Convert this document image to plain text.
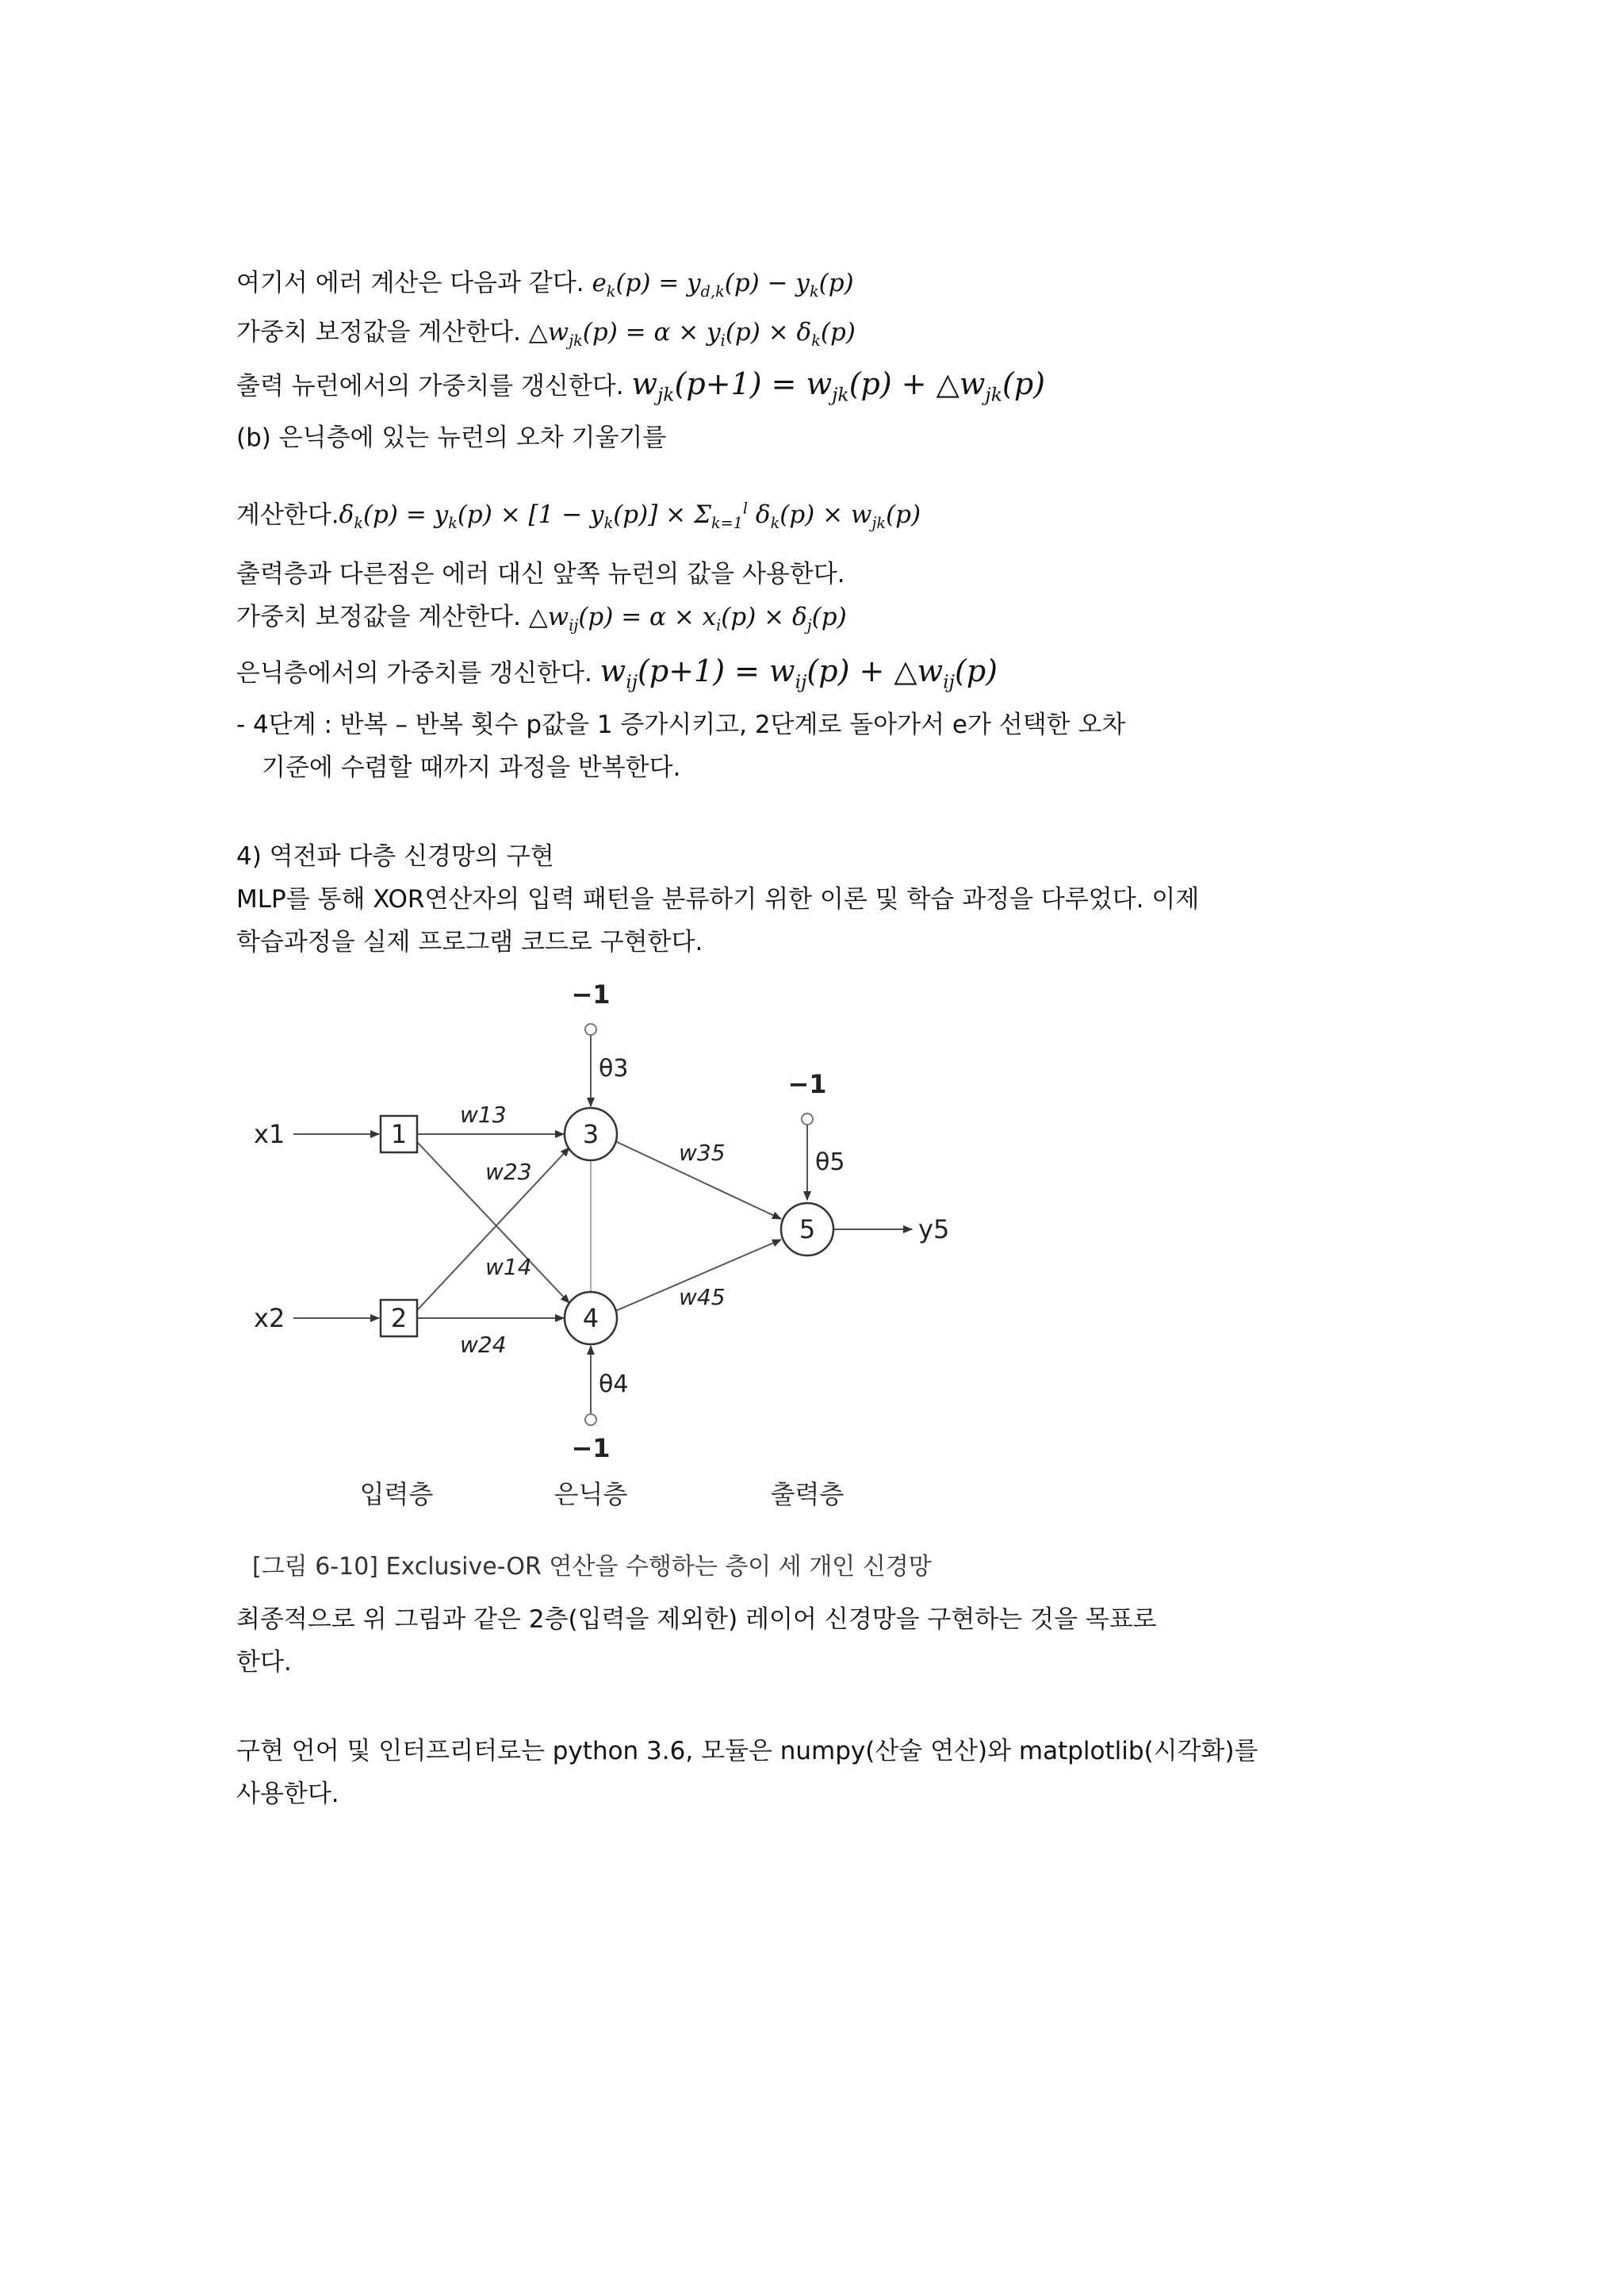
여기서 에러 계산은 다음과 같다. $e_k(p) = y_{d,k}(p) - y_k(p)$
가중치 보정값을 계산한다. $\triangle w_{jk}(p) = \alpha \times y_i(p) \times \delta_k(p)$
출력 뉴런에서의 가중치를 갱신한다. $w_{jk}(p+1) = w_{jk}(p)$ + $\triangle w_{jk}(p)$
(b) 은닉층에 있는 뉴런의 오차 기울기를
계산한다$.\delta_k(p) = y_k(p) \times [1 - y_k(p)] \times \Sigma_{k=1}^l$ $\delta_k(p) \times w_{jk}(p)$
출력층과 다른점은 에러 대신 앞쪽 뉴런의 값을 사용한다.
가중치 보정값을 계산한다. $\triangle w_{ij}(p) = \alpha \times x_i(p) \times \delta_j(p)$
은닉층에서의 가중치를 갱신한다. $w_{ij}(p+1) = w_{ij}(p)$ + $\triangle w_{ij}(p)$
- 4단계 : 반복 – 반복 횟수 p값을 1 증가시키고, 2단계로 돌아가서 e가 선택한 오차
기준에 수렴할 때까지 과정을 반복한다.
4) 역전파 다층 신경망의 구현
MLP를 통해 XOR연산자의 입력 패턴을 분류하기 위한 이론 및 학습 과정을 다루었다. 이제
학습과정을 실제 프로그램 코드로 구현한다.
1
2
3
4
5
x1
x2
y5
−1
−1
−1
θ3
θ4
θ5
w13
w23
w14
w24
w35
w45
입력층	은닉층	출력층
[그림 6-10] Exclusive-OR 연산을 수행하는 층이 세 개인 신경망
최종적으로 위 그림과 같은 2층(입력을 제외한) 레이어 신경망을 구현하는 것을 목표로
한다.
구현 언어 및 인터프리터로는 python 3.6, 모듈은 numpy(산술 연산)와 matplotlib(시각화)를
사용한다.
